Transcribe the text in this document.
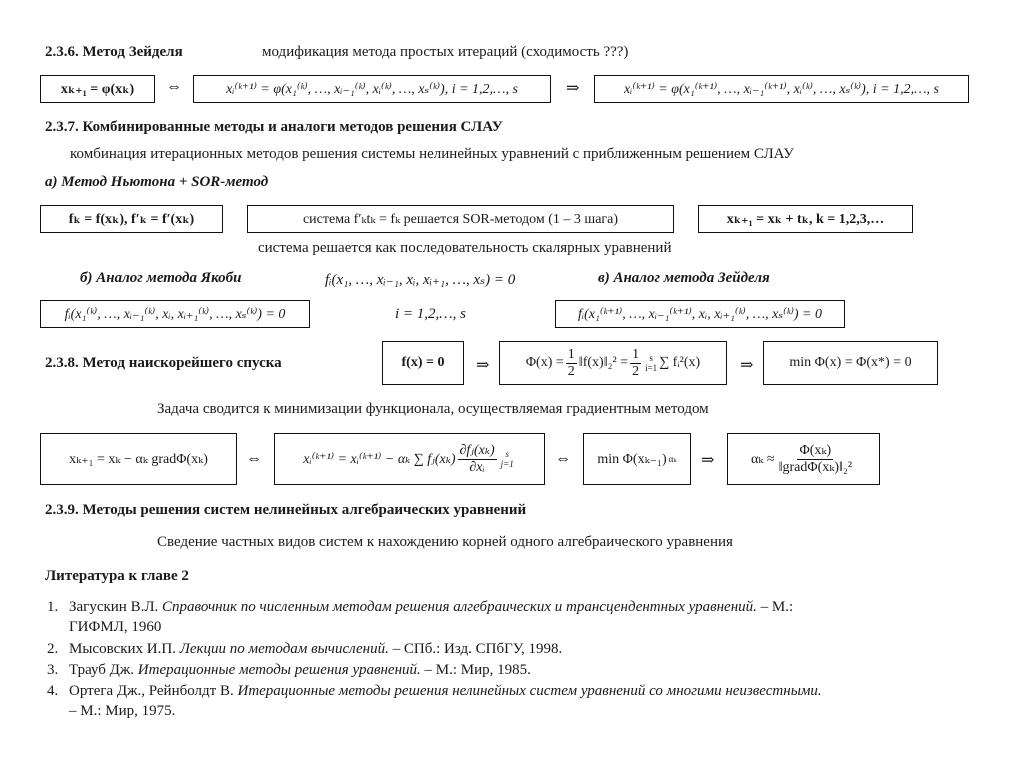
2.3.6. Метод Зейделя	модификация метода простых итераций (сходимость ???)
xₖ₊₁ = φ(xₖ)	⇔	xᵢ⁽ᵏ⁺¹⁾ = φ(x₁⁽ᵏ⁾, …, xᵢ₋₁⁽ᵏ⁾, xᵢ⁽ᵏ⁾, …, xₛ⁽ᵏ⁾), i = 1,2,…, s	⇒	xᵢ⁽ᵏ⁺¹⁾ = φ(x₁⁽ᵏ⁺¹⁾, …, xᵢ₋₁⁽ᵏ⁺¹⁾, xᵢ⁽ᵏ⁾, …, xₛ⁽ᵏ⁾), i = 1,2,…, s
2.3.7. Комбинированные методы и аналоги методов решения СЛАУ
комбинация итерационных методов решения системы нелинейных уравнений с приближенным решением СЛАУ
а) Метод Ньютона + SOR-метод
fₖ = f(xₖ), f′ₖ = f′(xₖ)	система f′ₖtₖ = fₖ решается SOR-методом (1 – 3 шага)	xₖ₊₁ = xₖ + tₖ, k = 1,2,3,…
система решается как последовательность скалярных уравнений
б) Аналог метода Якоби	fᵢ(x₁, …, xᵢ₋₁, xᵢ, xᵢ₊₁, …, xₛ) = 0	в) Аналог метода Зейделя
fᵢ(x₁⁽ᵏ⁾, …, xᵢ₋₁⁽ᵏ⁾, xᵢ, xᵢ₊₁⁽ᵏ⁾, …, xₛ⁽ᵏ⁾) = 0	i = 1,2,…, s	fᵢ(x₁⁽ᵏ⁺¹⁾, …, xᵢ₋₁⁽ᵏ⁺¹⁾, xᵢ, xᵢ₊₁⁽ᵏ⁾, …, xₛ⁽ᵏ⁾) = 0
2.3.8. Метод наискорейшего спуска	f(x) = 0	⇒	$\Phi(x) = \frac{1}{2}$ ‖f(x)‖₂² = $\frac{1}{2}$ s
i=1 ∑ fᵢ²(x) ⇒	min Φ(x) = Φ(x*) = 0
Задача сводится к минимизации функционала, осуществляемая градиентным методом
xₖ₊₁ = xₖ − αₖ gradΦ(xₖ)	⇔	xᵢ⁽ᵏ⁺¹⁾ = xᵢ⁽ᵏ⁺¹⁾ − αₖ ∑ fⱼ(xₖ) $\frac{\text{∂fⱼ(xₖ)}}{\text{∂xᵢ}}$ s
j=1	⇔ min Φ(xₖ₋₁) αₖ ⇒	$\alpha_k \approx \frac{\text{Φ(xₖ)}}{\text{‖gradΦ(xₖ)‖₂²}}$
2.3.9. Методы решения систем нелинейных алгебраических уравнений
Сведение частных видов систем к нахождению корней одного алгебраического уравнения
Литература к главе 2
1. Загускин В.Л. Справочник по численным методам решения алгебраических и трансцендентных уравнений. – М.:
ГИФМЛ, 1960
2. Мысовских И.П. Лекции по методам вычислений. – СПб.: Изд. СПбГУ, 1998.
3. Трауб Дж. Итерационные методы решения уравнений. – М.: Мир, 1985.
4. Ортега Дж., Рейнболдт В. Итерационные методы решения нелинейных систем уравнений со многими неизвестными.
– М.: Мир, 1975.
